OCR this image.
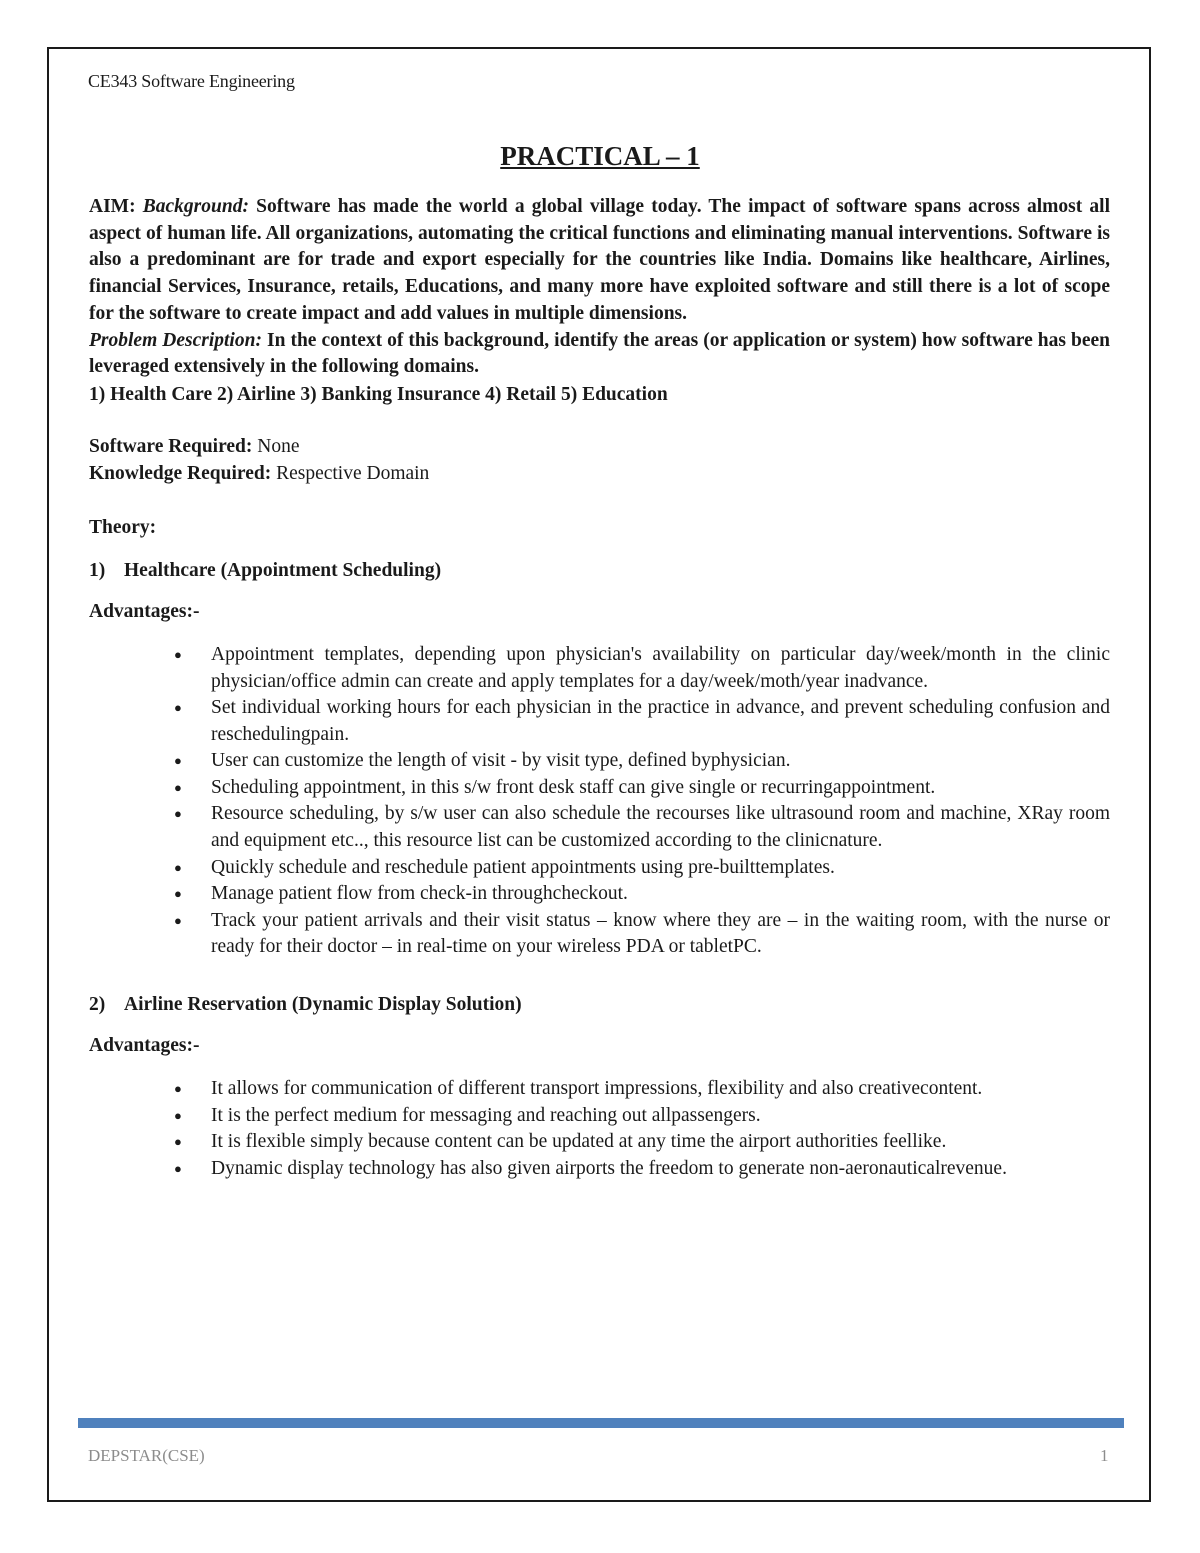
CE343 Software Engineering
PRACTICAL – 1

AIM: Background: Software has made the world a global village today. The impact of software spans across almost all aspect of human life. All organizations, automating the critical functions and eliminating manual interventions. Software is also a predominant are for trade and export especially for the countries like India. Domains like healthcare, Airlines, financial Services, Insurance, retails, Educations, and many more have exploited software and still there is a lot of scope for the software to create impact and add values in multiple dimensions.
Problem Description: In the context of this background, identify the areas (or application or system) how software has been leveraged extensively in the following domains.

1) Health Care 2) Airline 3) Banking Insurance 4) Retail 5) Education

Software Required: None
Knowledge Required: Respective Domain

Theory:

1) Healthcare (Appointment Scheduling)

Advantages:-

● Appointment templates, depending upon physician's availability on particular day/week/month in the clinic physician/office admin can create and apply templates for a day/week/moth/year inadvance.
● Set individual working hours for each physician in the practice in advance, and prevent scheduling confusion and reschedulingpain.
● User can customize the length of visit - by visit type, defined byphysician.
● Scheduling appointment, in this s/w front desk staff can give single or recurringappointment.
● Resource scheduling, by s/w user can also schedule the recourses like ultrasound room and machine, XRay room and equipment etc.., this resource list can be customized according to the clinicnature.
● Quickly schedule and reschedule patient appointments using pre-builttemplates.
● Manage patient flow from check-in throughcheckout.
● Track your patient arrivals and their visit status – know where they are – in the waiting room, with the nurse or ready for their doctor – in real-time on your wireless PDA or tabletPC.

2) Airline Reservation (Dynamic Display Solution)

Advantages:-

● It allows for communication of different transport impressions, flexibility and also creativecontent.
● It is the perfect medium for messaging and reaching out allpassengers.
● It is flexible simply because content can be updated at any time the airport authorities feellike.
● Dynamic display technology has also given airports the freedom to generate non-aeronauticalrevenue.
DEPSTAR(CSE)	1
